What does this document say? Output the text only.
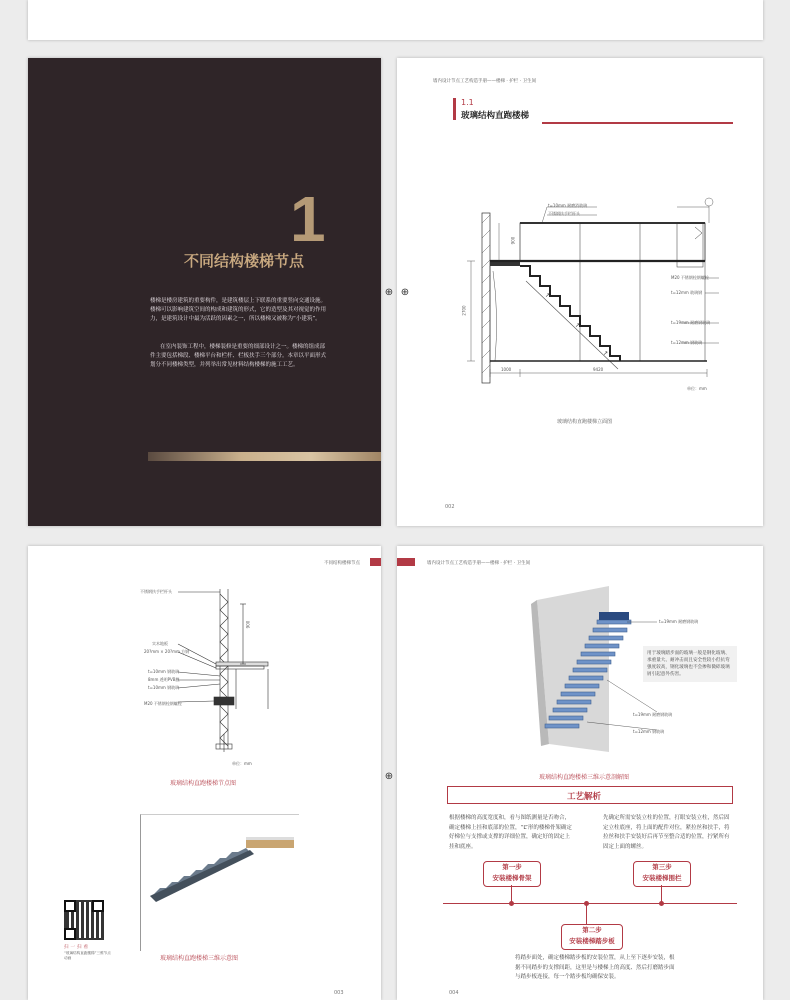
1
不同结构楼梯节点
楼梯是楼房建筑的重要构件，是建筑楼层上下联系的重要竖向交通设施。楼梯可以影响建筑空间的构成和建筑的形式，它的造型及其对视觉的作用力，是建筑设计中最为活跃的因素之一，所以楼梯又被称为“小建筑”。
在室内装饰工程中，楼梯装修是重要的细部设计之一。楼梯的组成部件主要包括梯段、楼梯平台和栏杆、栏板扶手三个部分。本章以平面形式划分不同楼梯类型，并列举出常见材料结构楼梯的施工工艺。
墙内设计节点工艺构造手册——楼梯 · 护栏 · 卫生间
1.1
玻璃结构直跑楼梯
↗
↗
↗
t=10mm 耐磨消玻璃
不锈钢扶手栏杆头
M20 不锈钢栓钢螺栓
t=12mm 玻璃钢
t=19mm 耐磨钢玻璃
t=12mm 钢玻璃
900
2700
1000	9420
单位：mm
玻璃结构直跑楼梯立面图
002
⊕ ⊕
⊕
不同结构楼梯节点
不锈钢扶手栏杆头
实木地板
20?mm × 20?mm 方钢
t=10mm 钢玻璃
8mm 透明PVB膜
t=10mm 钢玻璃
M20 不锈钢栓钢螺栓
900
单位：mm
玻璃结构直跑楼梯节点图
玻璃结构直跑楼梯三维示意图
扫一扫看
“玻璃结构直跑楼梯”三维节点动画
003
墙内设计节点工艺构造手册——楼梯 · 护栏 · 卫生间
t=19mm 耐磨钢玻璃
t=19mm 耐磨钢玻璃
t=12mm 钢玻璃
用于玻璃踏步面的玻璃一般是钢化玻璃、承重量大、耐冲击而且安全性较小但抗弯强度较高，钢化玻璃也不会掺和微碎玻璃屑引起意外伤害。
玻璃结构直跑楼梯三维示意剖解图
工艺解析
根据楼梯的高度宽度和，看与图纸测量是否吻合，确定楼梯上挂和底部的位置，“L”形的楼梯骨架确定好梯位与支撑或支撑的详细位置，确定好的固定上挂和底座。
先确定所需安装立柱的位置，打眼安装立柱，然后固定立柱底座，将上面的配件对位，紧拉丝和扶手，将拉丝和扶手安装好后再节至整合适的位置，拧紧所有固定上面的螺丝。
第一步
安装楼梯骨架
第三步
安装楼梯围栏
第二步
安装楼梯踏步板
将踏步面处，确定楼梯踏步板的安装位置，从上至下逐步安装，根据不同踏步的支撑间距，这里是与楼梯上的高度、然后打磨踏步面与踏步板连接，每一个踏步板均确保安装。
004
